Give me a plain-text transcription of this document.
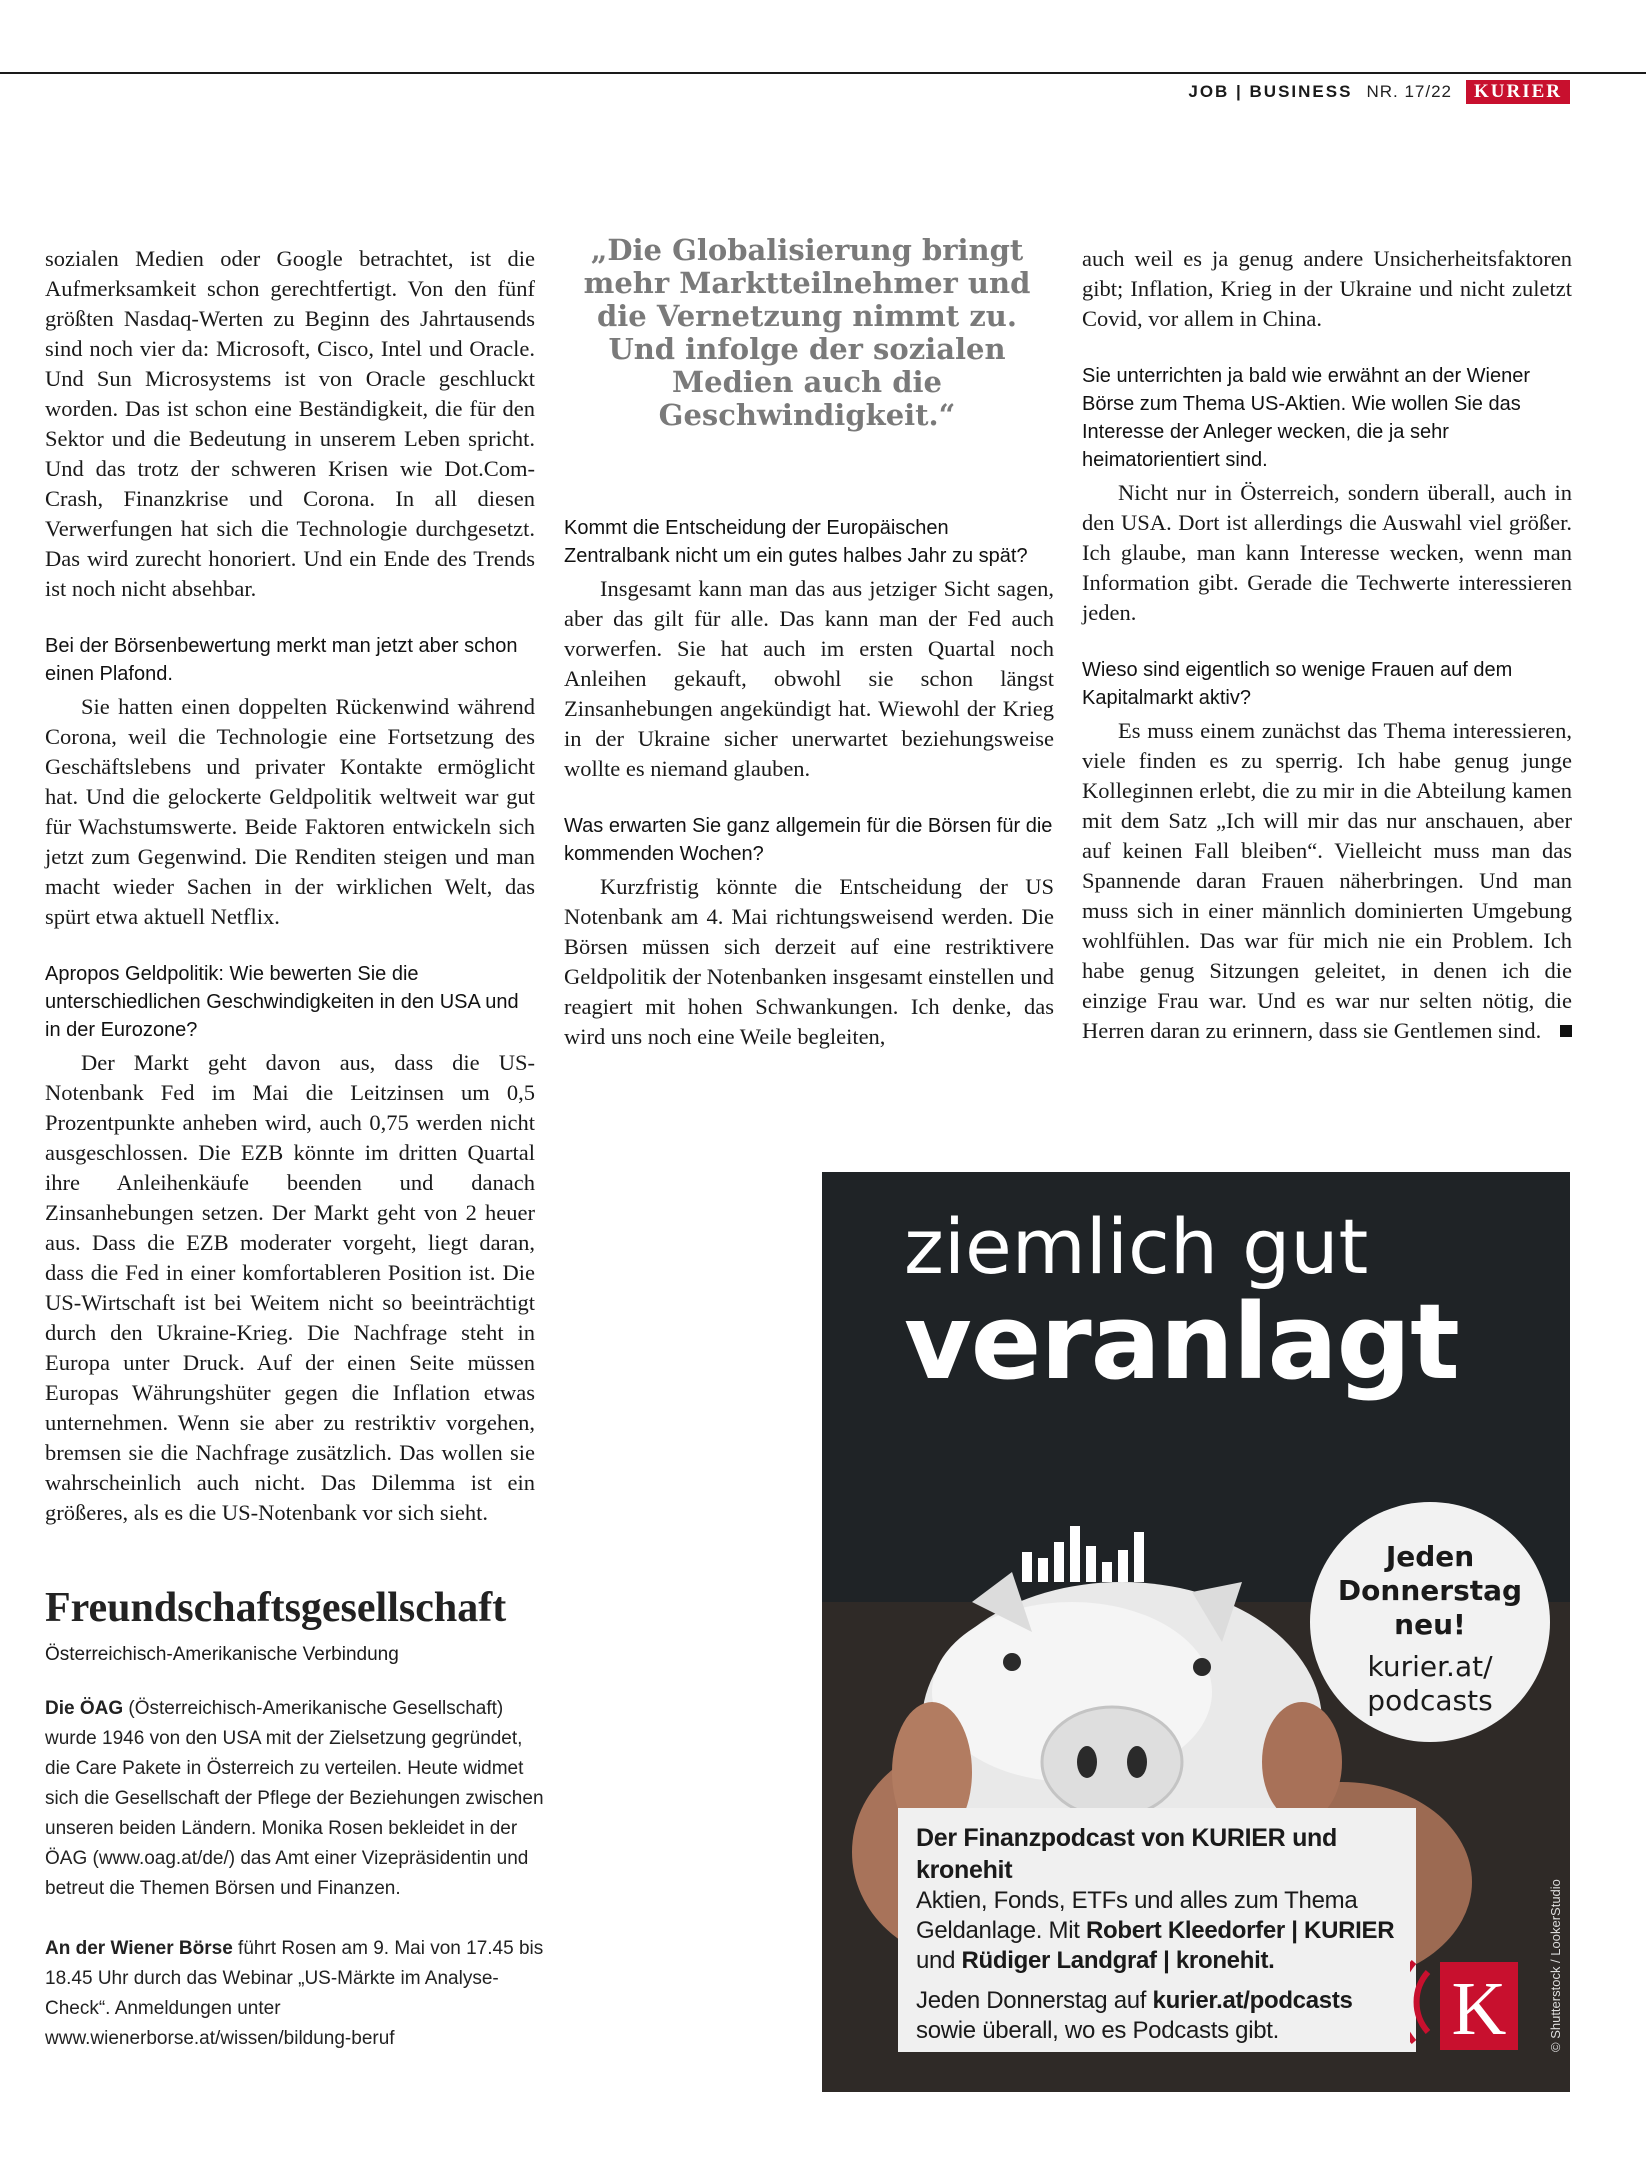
JOB | BUSINESS NR. 17/22	KURIER

sozialen Medien oder Google betrachtet, ist die Aufmerksamkeit schon gerechtfertigt. Von den fünf größten Nasdaq-Werten zu Beginn des Jahrtausends sind noch vier da: Microsoft, Cisco, Intel und Oracle. Und Sun Microsystems ist von Oracle geschluckt worden. Das ist schon eine Beständigkeit, die für den Sektor und die Bedeutung in unserem Leben spricht. Und das trotz der schweren Krisen wie Dot.Com-Crash, Finanzkrise und Corona. In all diesen Verwerfungen hat sich die Technologie durchgesetzt. Das wird zurecht honoriert. Und ein Ende des Trends ist noch nicht absehbar.

Bei der Börsenbewertung merkt man jetzt aber schon einen Plafond.

Sie hatten einen doppelten Rückenwind während Corona, weil die Technologie eine Fortsetzung des Geschäftslebens und privater Kontakte ermöglicht hat. Und die gelockerte Geldpolitik weltweit war gut für Wachstumswerte. Beide Faktoren entwickeln sich jetzt zum Gegenwind. Die Renditen steigen und man macht wieder Sachen in der wirklichen Welt, das spürt etwa aktuell Netflix.

Apropos Geldpolitik: Wie bewerten Sie die unterschiedlichen Geschwindigkeiten in den USA und in der Eurozone?

Der Markt geht davon aus, dass die US-Notenbank Fed im Mai die Leitzinsen um 0,5 Prozentpunkte anheben wird, auch 0,75 werden nicht ausgeschlossen. Die EZB könnte im dritten Quartal ihre Anleihenkäufe beenden und danach Zinsanhebungen setzen. Der Markt geht von 2 heuer aus. Dass die EZB moderater vorgeht, liegt daran, dass die Fed in einer komfortableren Position ist. Die US-Wirtschaft ist bei Weitem nicht so beeinträchtigt durch den Ukraine-Krieg. Die Nachfrage steht in Europa unter Druck. Auf der einen Seite müssen Europas Währungshüter gegen die Inflation etwas unternehmen. Wenn sie aber zu restriktiv vorgehen, bremsen sie die Nachfrage zusätzlich. Das wollen sie wahrscheinlich auch nicht. Das Dilemma ist ein größeres, als es die US-Notenbank vor sich sieht.

„Die Globalisierung bringt mehr Marktteilnehmer und die Vernetzung nimmt zu. Und infolge der sozialen Medien auch die Geschwindigkeit.“
Kommt die Entscheidung der Europäischen Zentralbank nicht um ein gutes halbes Jahr zu spät?

Insgesamt kann man das aus jetziger Sicht sagen, aber das gilt für alle. Das kann man der Fed auch vorwerfen. Sie hat auch im ersten Quartal noch Anleihen gekauft, obwohl sie schon längst Zinsanhebungen angekündigt hat. Wiewohl der Krieg in der Ukraine sicher unerwartet beziehungsweise wollte es niemand glauben.

Was erwarten Sie ganz allgemein für die Börsen für die kommenden Wochen?

Kurzfristig könnte die Entscheidung der US Notenbank am 4. Mai richtungsweisend werden. Die Börsen müssen sich derzeit auf eine restriktivere Geldpolitik der Notenbanken insgesamt einstellen und reagiert mit hohen Schwankungen. Ich denke, das wird uns noch eine Weile begleiten,

auch weil es ja genug andere Unsicherheitsfaktoren gibt; Inflation, Krieg in der Ukraine und nicht zuletzt Covid, vor allem in China.

Sie unterrichten ja bald wie erwähnt an der Wiener Börse zum Thema US-Aktien. Wie wollen Sie das Interesse der Anleger wecken, die ja sehr heimatorientiert sind.

Nicht nur in Österreich, sondern überall, auch in den USA. Dort ist allerdings die Auswahl viel größer. Ich glaube, man kann Interesse wecken, wenn man Information gibt. Gerade die Techwerte interessieren jeden.

Wieso sind eigentlich so wenige Frauen auf dem Kapitalmarkt aktiv?

Es muss einem zunächst das Thema interessieren, viele finden es zu sperrig. Ich habe genug junge Kolleginnen erlebt, die zu mir in die Abteilung kamen mit dem Satz „Ich will mir das nur anschauen, aber auf keinen Fall bleiben“. Vielleicht muss man das Spannende daran Frauen näherbringen. Und man muss sich in einer männlich dominierten Umgebung wohlfühlen. Das war für mich nie ein Problem. Ich habe genug Sitzungen geleitet, in denen ich die einzige Frau war. Und es war nur selten nötig, die Herren daran zu erinnern, dass sie Gentlemen sind.

Freundschaftsgesellschaft
Österreichisch-Amerikanische Verbindung

Die ÖAG (Österreichisch-Amerikanische Gesellschaft) wurde 1946 von den USA mit der Zielsetzung gegründet, die Care Pakete in Österreich zu verteilen. Heute widmet sich die Gesellschaft der Pflege der Beziehungen zwischen unseren beiden Ländern. Monika Rosen bekleidet in der ÖAG (www.oag.at/de/) das Amt einer Vizepräsidentin und betreut die Themen Börsen und Finanzen.

An der Wiener Börse führt Rosen am 9. Mai von 17.45 bis 18.45 Uhr durch das Webinar „US-Märkte im Analyse-Check“. Anmeldungen unter www.wienerborse.at/wissen/bildung-beruf

ziemlich gut
veranlagt
Jeden Donnerstag neu!
kurier.at/ podcasts
Der Finanzpodcast von KURIER und kronehit
Aktien, Fonds, ETFs und alles zum Thema Geldanlage. Mit Robert Kleedorfer | KURIER und Rüdiger Landgraf | kronehit.
Jeden Donnerstag auf kurier.at/podcasts sowie überall, wo es Podcasts gibt.	K	© Shutterstock / LookerStudio
